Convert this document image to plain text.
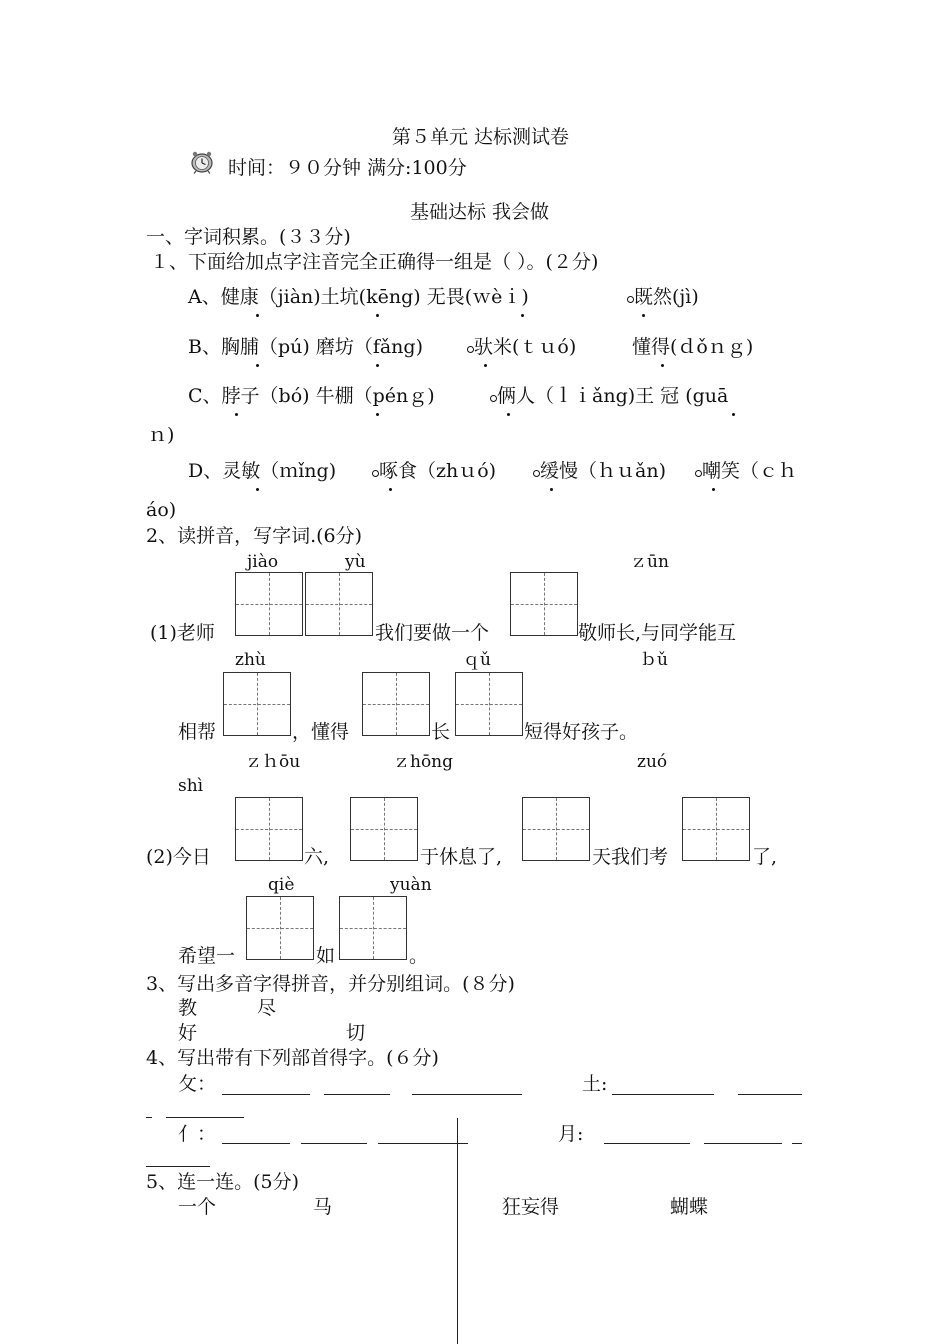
第５单元 达标测试卷
时间：９０分钟 满分:100分
基础达标 我会做
一、字词积累。(３３分)
１、下面给加点字注音完全正确得一组是（ ）。(２分)
A、健康（jiàn)土坑(kēng) 无畏(ｗèｉ)	既然(jì)
B、胸脯（pú) 磨坊（fǎng)	驮米(ｔｕó)	懂得(ｄǒｎｇ)
C、脖子（bó) 牛棚（pénｇ)	俩人（ｌｉǎng)王 冠 (guā
ｎ)
D、灵敏（ｍǐng) 啄食（zhｕó) 缓慢（ｈｕǎn) 嘲笑（ｃｈ
áo)
2、读拼音，写字词.(6分)
jiào	yù	ｚūn
(1)老师	我们要做一个	敬师长,与同学能互
zhù	ｑǔ	ｂǔ
相帮	，懂得	长	短得好孩子。
ｚｈōu	ｚhōng	zuó
shì
(2)今日	六,	于休息了,	天我们考	了,
qiè	yuàn
希望一	如	。
3、写出多音字得拼音，并分别组词。(８分)
教	尽
好	切
4、写出带有下列部首得字。(６分)
攵：	土:
亻：	月:
5、连一连。(5分)
一个	马	狂妄得	蝴蝶
